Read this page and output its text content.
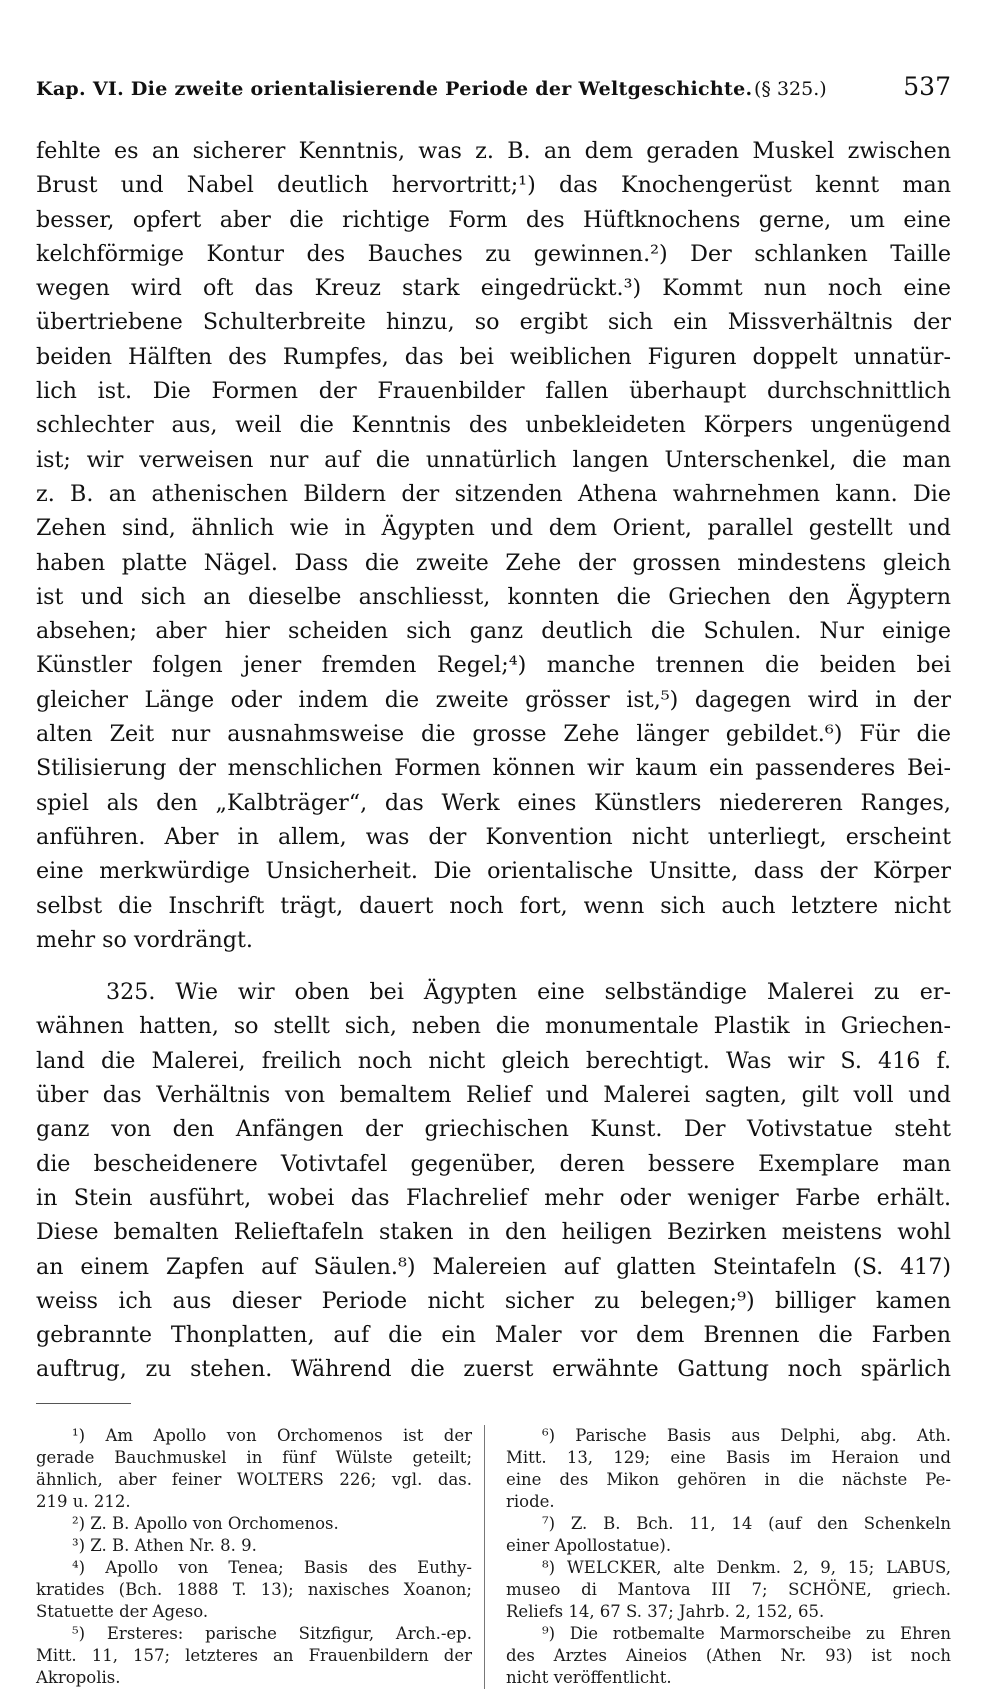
Kap. VI. Die zweite orientalisierende Periode der Weltgeschichte. (§ 325.)	537
fehlte es an sicherer Kenntnis, was z. B. an dem geraden Muskel zwischen
Brust und Nabel deutlich hervortritt;¹) das Knochengerüst kennt man
besser, opfert aber die richtige Form des Hüftknochens gerne, um eine
kelchförmige Kontur des Bauches zu gewinnen.²) Der schlanken Taille
wegen wird oft das Kreuz stark eingedrückt.³) Kommt nun noch eine
übertriebene Schulterbreite hinzu, so ergibt sich ein Missverhältnis der
beiden Hälften des Rumpfes, das bei weiblichen Figuren doppelt unnatür-
lich ist. Die Formen der Frauenbilder fallen überhaupt durchschnittlich
schlechter aus, weil die Kenntnis des unbekleideten Körpers ungenügend
ist; wir verweisen nur auf die unnatürlich langen Unterschenkel, die man
z. B. an athenischen Bildern der sitzenden Athena wahrnehmen kann. Die
Zehen sind, ähnlich wie in Ägypten und dem Orient, parallel gestellt und
haben platte Nägel. Dass die zweite Zehe der grossen mindestens gleich
ist und sich an dieselbe anschliesst, konnten die Griechen den Ägyptern
absehen; aber hier scheiden sich ganz deutlich die Schulen. Nur einige
Künstler folgen jener fremden Regel;⁴) manche trennen die beiden bei
gleicher Länge oder indem die zweite grösser ist,⁵) dagegen wird in der
alten Zeit nur ausnahmsweise die grosse Zehe länger gebildet.⁶) Für die
Stilisierung der menschlichen Formen können wir kaum ein passenderes Bei-
spiel als den „Kalbträger“, das Werk eines Künstlers niedereren Ranges,
anführen. Aber in allem, was der Konvention nicht unterliegt, erscheint
eine merkwürdige Unsicherheit. Die orientalische Unsitte, dass der Körper
selbst die Inschrift trägt, dauert noch fort, wenn sich auch letztere nicht
mehr so vordrängt.
325. Wie wir oben bei Ägypten eine selbständige Malerei zu er-
wähnen hatten, so stellt sich, neben die monumentale Plastik in Griechen-
land die Malerei, freilich noch nicht gleich berechtigt. Was wir S. 416 f.
über das Verhältnis von bemaltem Relief und Malerei sagten, gilt voll und
ganz von den Anfängen der griechischen Kunst. Der Votivstatue steht
die bescheidenere Votivtafel gegenüber, deren bessere Exemplare man
in Stein ausführt, wobei das Flachrelief mehr oder weniger Farbe erhält.
Diese bemalten Relieftafeln staken in den heiligen Bezirken meistens wohl
an einem Zapfen auf Säulen.⁸) Malereien auf glatten Steintafeln (S. 417)
weiss ich aus dieser Periode nicht sicher zu belegen;⁹) billiger kamen
gebrannte Thonplatten, auf die ein Maler vor dem Brennen die Farben
auftrug, zu stehen. Während die zuerst erwähnte Gattung noch spärlich
¹) Am Apollo von Orchomenos ist der
gerade Bauchmuskel in fünf Wülste geteilt;
ähnlich, aber feiner WOLTERS 226; vgl. das.
219 u. 212.
²) Z. B. Apollo von Orchomenos.
³) Z. B. Athen Nr. 8. 9.
⁴) Apollo von Tenea; Basis des Euthy-
kratides (Bch. 1888 T. 13); naxisches Xoanon;
Statuette der Ageso.
⁵) Ersteres: parische Sitzfigur, Arch.-ep.
Mitt. 11, 157; letzteres an Frauenbildern der
Akropolis.
⁶) Parische Basis aus Delphi, abg. Ath.
Mitt. 13, 129; eine Basis im Heraion und
eine des Mikon gehören in die nächste Pe-
riode.
⁷) Z. B. Bch. 11, 14 (auf den Schenkeln
einer Apollostatue).
⁸) WELCKER, alte Denkm. 2, 9, 15; LABUS,
museo di Mantova III 7; SCHÖNE, griech.
Reliefs 14, 67 S. 37; Jahrb. 2, 152, 65.
⁹) Die rotbemalte Marmorscheibe zu Ehren
des Arztes Aineios (Athen Nr. 93) ist noch
nicht veröffentlicht.
